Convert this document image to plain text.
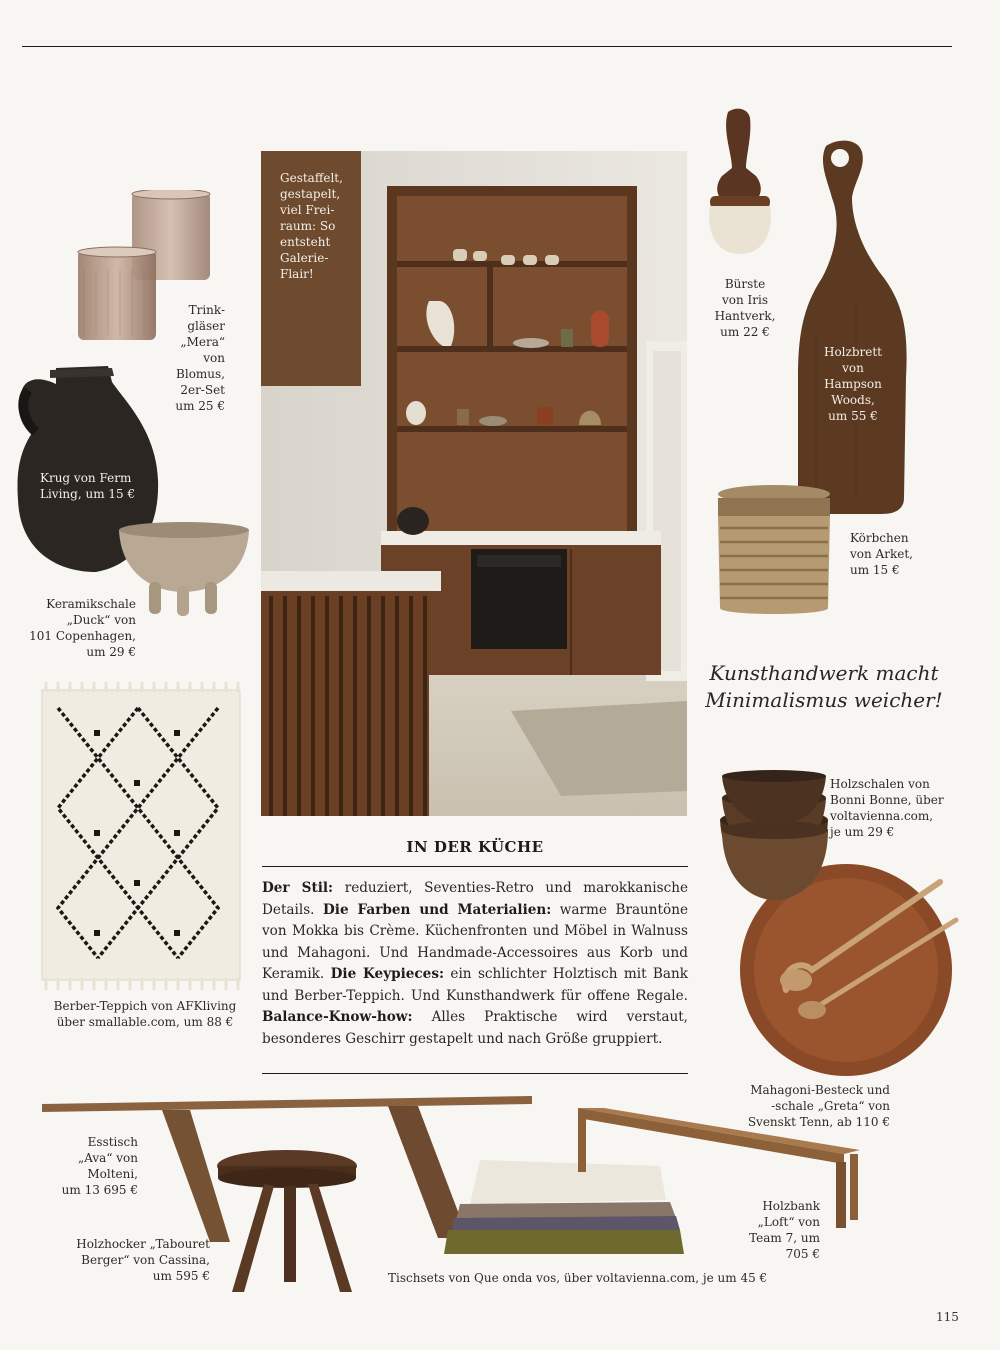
Trink-
gläser
„Mera“
von
Blomus,
2er-Set
um 25 €
Krug von Ferm
Living, um 15 €
Keramikschale
„Duck“ von
101 Copenhagen,
um 29 €
Berber-Teppich von AFKliving
über smallable.com, um 88 €
Gestaffelt,
gestapelt,
viel Frei-
raum: So
entsteht
Galerie-
Flair!
IN DER KÜCHE
Der Stil: reduziert, Seventies-Retro und marokkanische Details. Die Farben und Materialien: warme Brauntöne von Mokka bis Crème. Küchenfronten und Möbel in Walnuss und Mahagoni. Und Handmade-Accessoires aus Korb und Keramik. Die Keypieces: ein schlichter Holztisch mit Bank und Berber-Teppich. Und Kunsthandwerk für offene Regale. Balance-Know-how: Alles Praktische wird verstaut, besonderes Geschirr gestapelt und nach Größe gruppiert.
Bürste
von Iris
Hantverk,
um 22 €
Holzbrett
von
Hampson
Woods,
um 55 €
Körbchen
von Arket,
um 15 €
Kunsthandwerk macht Minimalismus weicher!
Holzschalen von
Bonni Bonne, über
voltavienna.com,
je um 29 €
Mahagoni-Besteck und
-schale „Greta“ von
Svenskt Tenn, ab 110 €
Esstisch
„Ava“ von
Molteni,
um 13 695 €
Holzhocker „Tabouret
Berger“ von Cassina,
um 595 €	Tischsets von Que onda vos, über voltavienna.com, je um 45 €
Holzbank
„Loft“ von
Team 7, um
705 €
115
